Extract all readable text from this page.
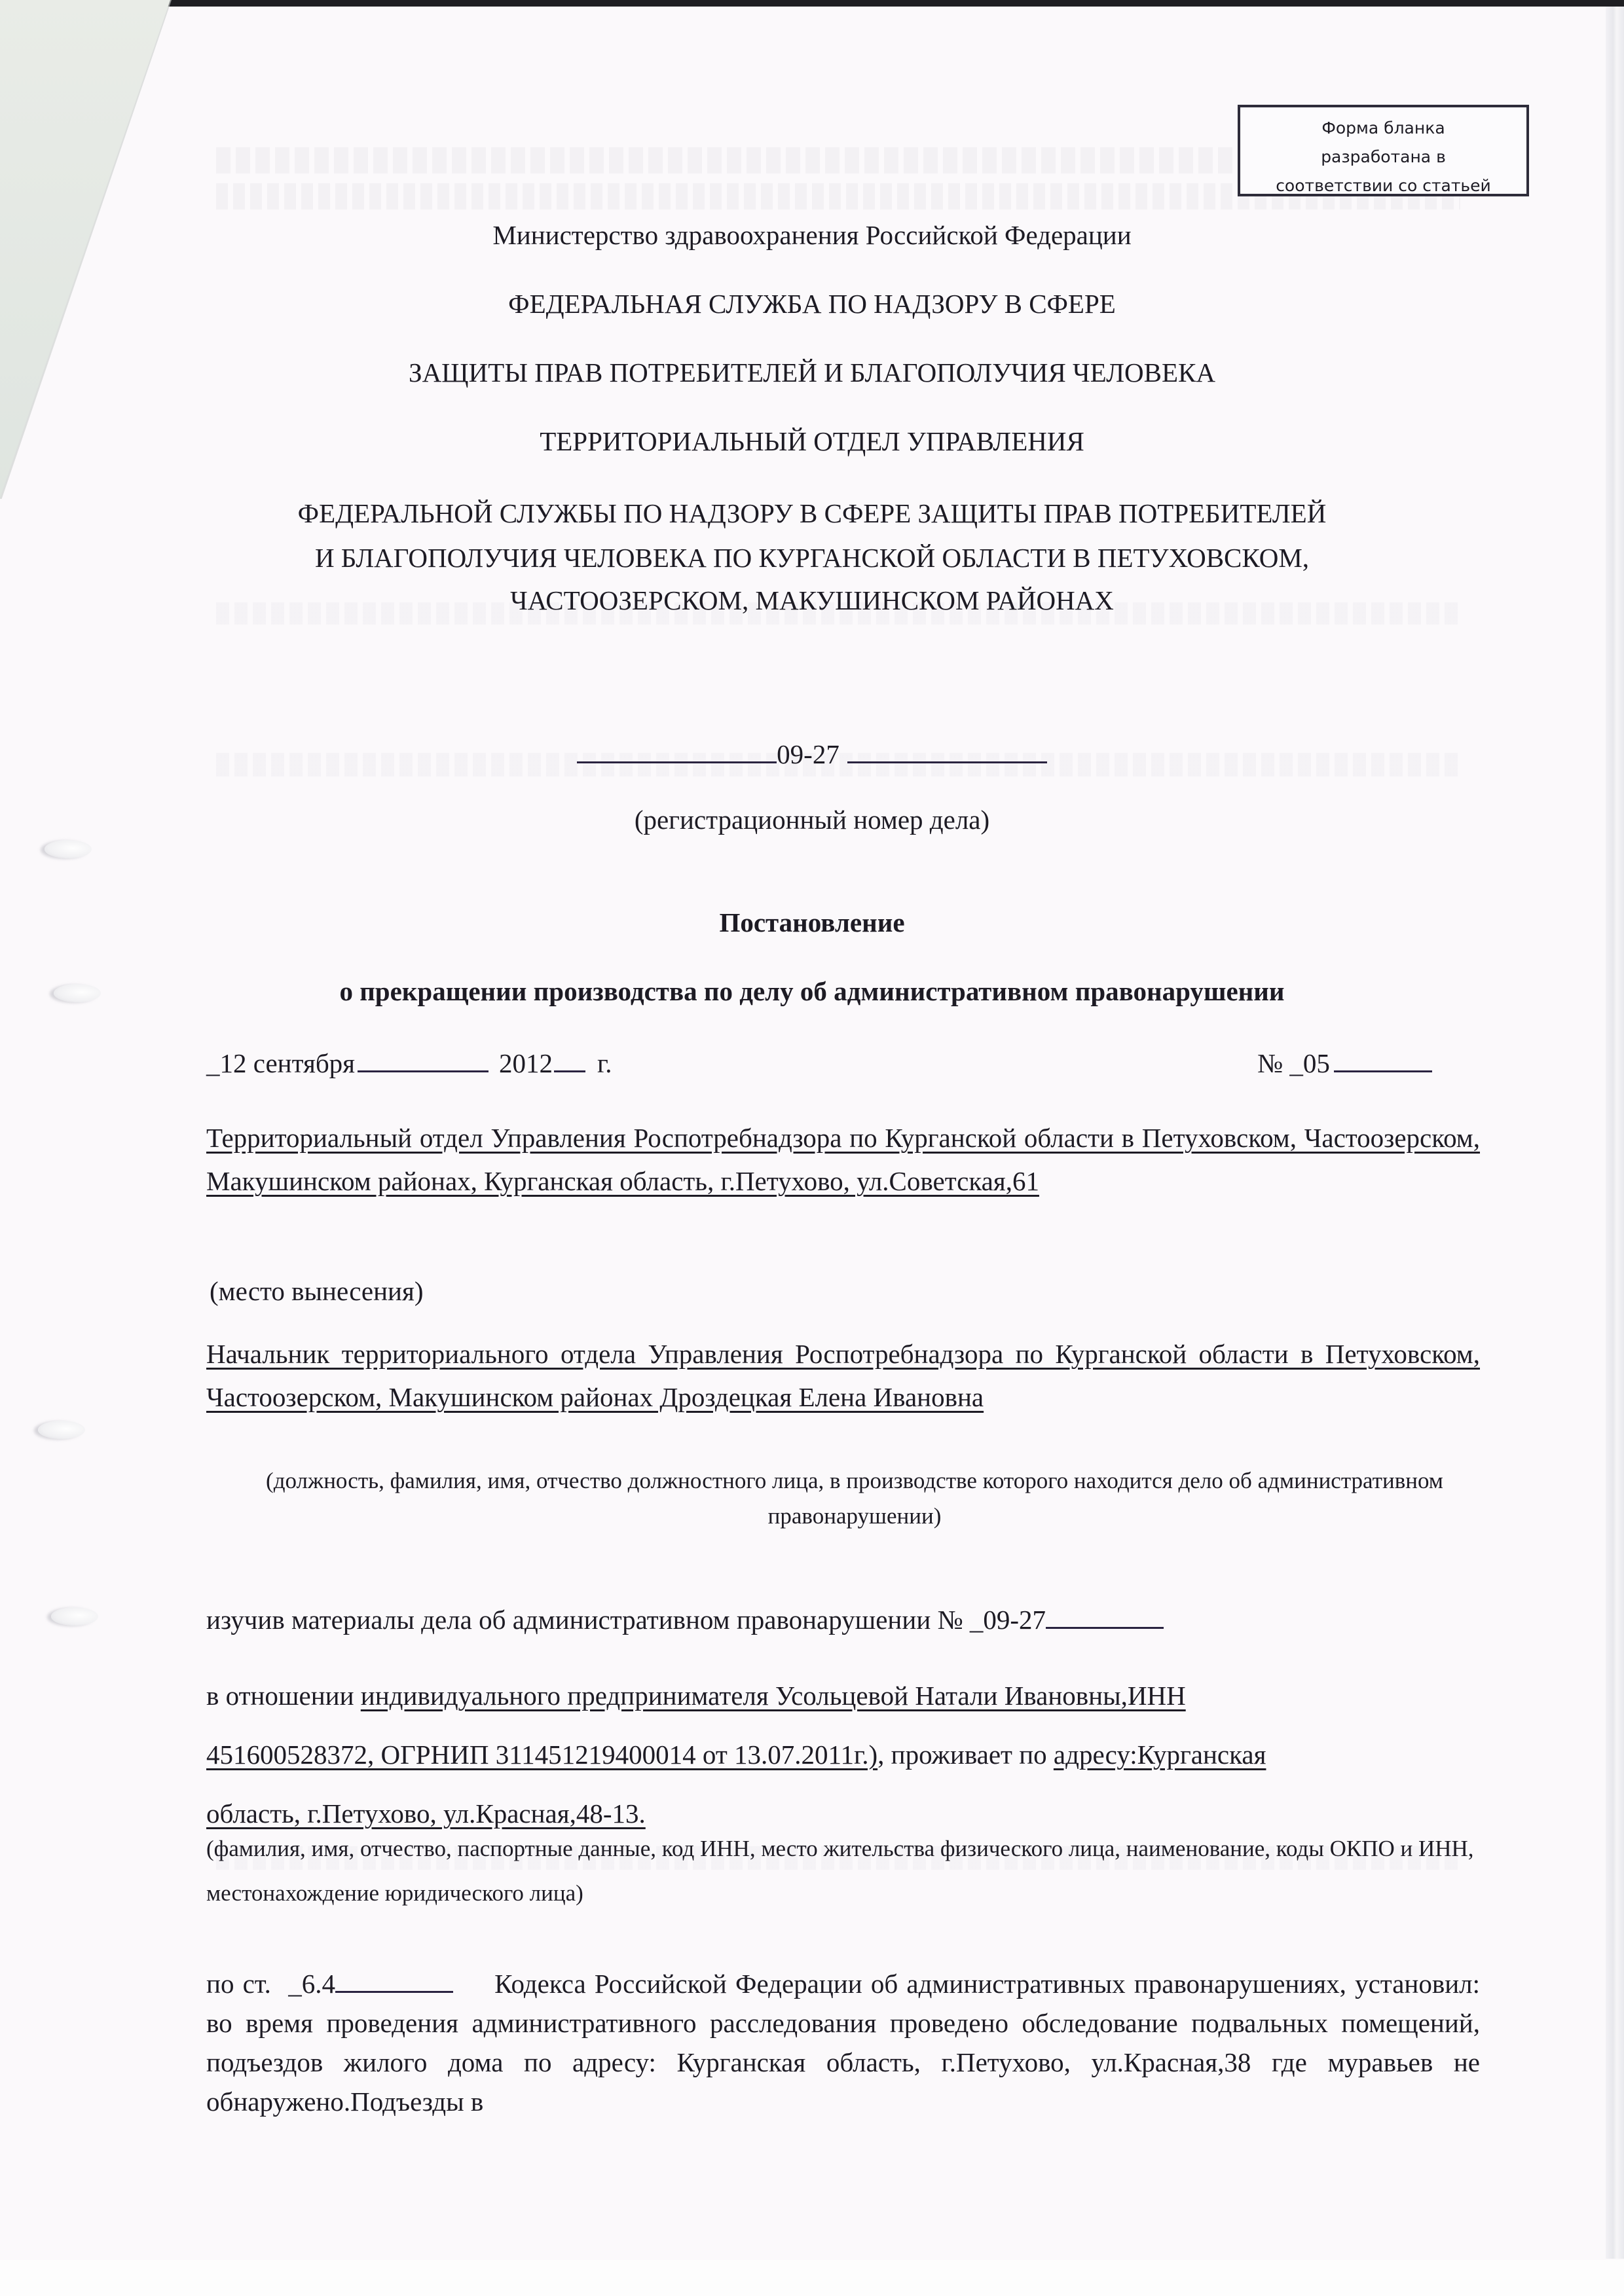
Форма бланка
разработана в
соответствии со статьей
Министерство здравоохранения Российской Федерации
ФЕДЕРАЛЬНАЯ СЛУЖБА ПО НАДЗОРУ В СФЕРЕ
ЗАЩИТЫ ПРАВ ПОТРЕБИТЕЛЕЙ И БЛАГОПОЛУЧИЯ ЧЕЛОВЕКА
ТЕРРИТОРИАЛЬНЫЙ ОТДЕЛ УПРАВЛЕНИЯ
ФЕДЕРАЛЬНОЙ СЛУЖБЫ ПО НАДЗОРУ В СФЕРЕ ЗАЩИТЫ ПРАВ ПОТРЕБИТЕЛЕЙ
И БЛАГОПОЛУЧИЯ ЧЕЛОВЕКА ПО КУРГАНСКОЙ ОБЛАСТИ В ПЕТУХОВСКОМ,
ЧАСТООЗЕРСКОМ, МАКУШИНСКОМ РАЙОНАХ
09-27
(регистрационный номер дела)
Постановление
о прекращении производства по делу об административном правонарушении
_12 сентября	2012 г.	№ _05
Территориальный отдел Управления Роспотребнадзора по Курганской области в Петуховском, Частоозерском, Макушинском районах, Курганская область, г.Петухово, ул.Советская,61
(место вынесения)
Начальник территориального отдела Управления Роспотребнадзора по Курганской области в Петуховском, Частоозерском, Макушинском районах Дроздецкая Елена Ивановна
(должность, фамилия, имя, отчество должностного лица, в производстве которого находится дело об административном правонарушении)
изучив материалы дела об административном правонарушении № _09-27
в отношении индивидуального предпринимателя Усольцевой Натали Ивановны,ИНН 451600528372, ОГРНИП 311451219400014 от 13.07.2011г.), проживает по адресу:Курганская область, г.Петухово, ул.Красная,48-13.
(фамилия, имя, отчество, паспортные данные, код ИНН, место жительства физического лица, наименование, коды ОКПО и ИНН, местонахождение юридического лица)
по ст.  _6.4	Кодекса Российской Федерации об административных правонарушениях, установил: во время проведения административного расследования проведено обследование подвальных помещений, подъездов жилого дома по адресу: Курганская область, г.Петухово, ул.Красная,38 где муравьев не обнаружено.Подъезды в
